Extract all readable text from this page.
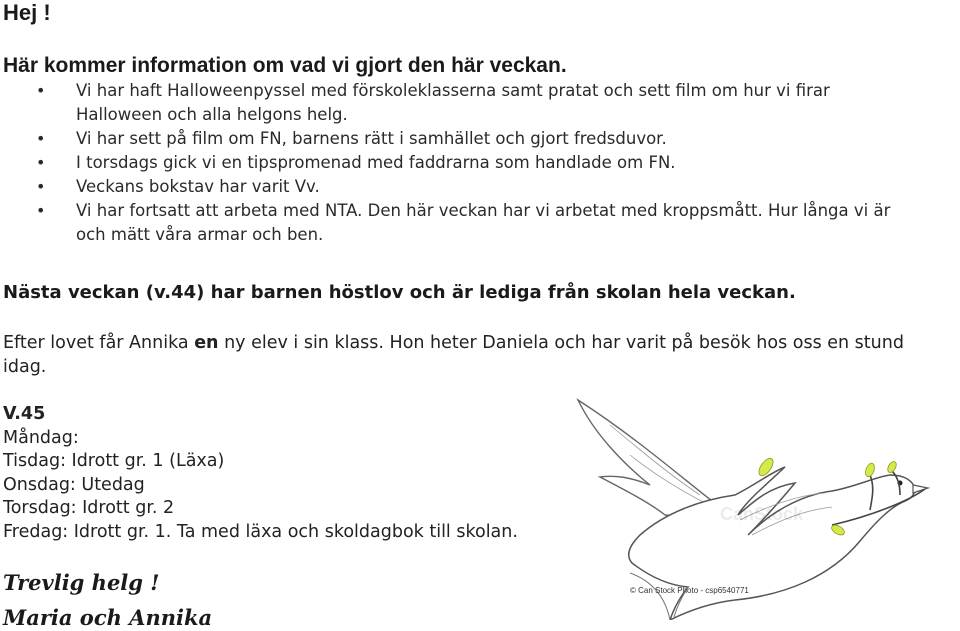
Hej !
Här kommer information om vad vi gjort den här veckan.
• Vi har haft Halloweenpyssel med förskoleklasserna samt pratat och sett film om hur vi firar
Halloween och alla helgons helg.
• Vi har sett på film om FN, barnens rätt i samhället och gjort fredsduvor.
• I torsdags gick vi en tipspromenad med faddrarna som handlade om FN.
• Veckans bokstav har varit Vv.
• Vi har fortsatt att arbeta med NTA. Den här veckan har vi arbetat med kroppsmått. Hur långa vi är
och mätt våra armar och ben.
Nästa veckan (v.44) har barnen höstlov och är lediga från skolan hela veckan.
Efter lovet får Annika en ny elev i sin klass. Hon heter Daniela och har varit på besök hos oss en stund
idag.
V.45
Måndag:
Tisdag: Idrott gr. 1 (Läxa)
Onsdag: Utedag
Torsdag: Idrott gr. 2
Fredag: Idrott gr. 1. Ta med läxa och skoldagbok till skolan.
Trevlig helg !
Maria och Annika
CanStock
© Can Stock Photo - csp6540771
